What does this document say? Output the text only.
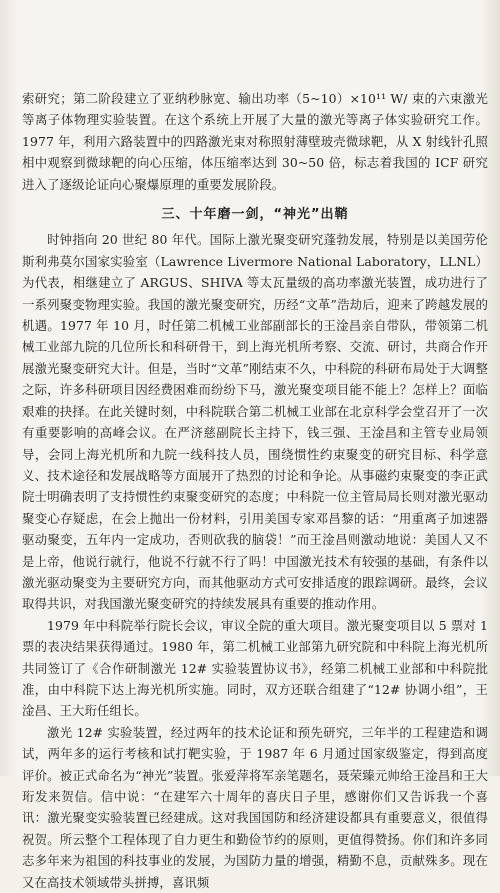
索研究；第二阶段建立了亚纳秒脉宽、输出功率（5~10）×10¹¹ W/ 束的六束激光等离子体物理实验装置。在这个系统上开展了大量的激光等离子体实验研究工作。1977 年，利用六路装置中的四路激光束对称照射薄壁玻壳微球靶，从 X 射线针孔照相中观察到微球靶的向心压缩，体压缩率达到 30~50 倍，标志着我国的 ICF 研究进入了逐级论证向心聚爆原理的重要发展阶段。

三、十年磨一剑，“神光”出鞘

时钟指向 20 世纪 80 年代。国际上激光聚变研究蓬勃发展，特别是以美国劳伦斯利弗莫尔国家实验室（Lawrence Livermore National Laboratory，LLNL）为代表，相继建立了 ARGUS、SHIVA 等太瓦量级的高功率激光装置，成功进行了一系列聚变物理实验。我国的激光聚变研究，历经“文革”浩劫后，迎来了跨越发展的机遇。1977 年 10 月，时任第二机械工业部副部长的王淦昌亲自带队，带领第二机械工业部九院的几位所长和科研骨干，到上海光机所考察、交流、研讨，共商合作开展激光聚变研究大计。但是，当时“文革”刚结束不久，中科院的科研布局处于大调整之际，许多科研项目因经费困难而纷纷下马，激光聚变项目能不能上？怎样上？面临艰难的抉择。在此关键时刻，中科院联合第二机械工业部在北京科学会堂召开了一次有重要影响的高峰会议。在严济慈副院长主持下，钱三强、王淦昌和主管专业局领导，会同上海光机所和九院一线科技人员，围绕惯性约束聚变的研究目标、科学意义、技术途径和发展战略等方面展开了热烈的讨论和争论。从事磁约束聚变的李正武院士明确表明了支持惯性约束聚变研究的态度；中科院一位主管局局长则对激光驱动聚变心存疑虑，在会上抛出一份材料，引用美国专家邓昌黎的话：“用重离子加速器驱动聚变，五年内一定成功，否则砍我的脑袋！”而王淦昌则激动地说：美国人又不是上帝，他说行就行，他说不行就不行了吗！中国激光技术有较强的基础，有条件以激光驱动聚变为主要研究方向，而其他驱动方式可安排适度的跟踪调研。最终，会议取得共识，对我国激光聚变研究的持续发展具有重要的推动作用。

1979 年中科院举行院长会议，审议全院的重大项目。激光聚变项目以 5 票对 1 票的表决结果获得通过。1980 年，第二机械工业部第九研究院和中科院上海光机所共同签订了《合作研制激光 12# 实验装置协议书》，经第二机械工业部和中科院批准，由中科院下达上海光机所实施。同时，双方还联合组建了“12# 协调小组”，王淦昌、王大珩任组长。

激光 12# 实验装置，经过两年的技术论证和预先研究，三年半的工程建造和调试，两年多的运行考核和试打靶实验，于 1987 年 6 月通过国家级鉴定，得到高度评价。被正式命名为“神光”装置。张爱萍将军亲笔题名，聂荣臻元帅给王淦昌和王大珩发来贺信。信中说：“在建军六十周年的喜庆日子里，感谢你们又告诉我一个喜讯：激光聚变实验装置已经建成。这对我国国防和经济建设都具有重要意义，很值得祝贺。所云整个工程体现了自力更生和勤俭节约的原则，更值得赞扬。你们和许多同志多年来为祖国的科技事业的发展，为国防力量的增强，精勤不息，贡献殊多。现在又在高技术领域带头拼搏，喜讯频
